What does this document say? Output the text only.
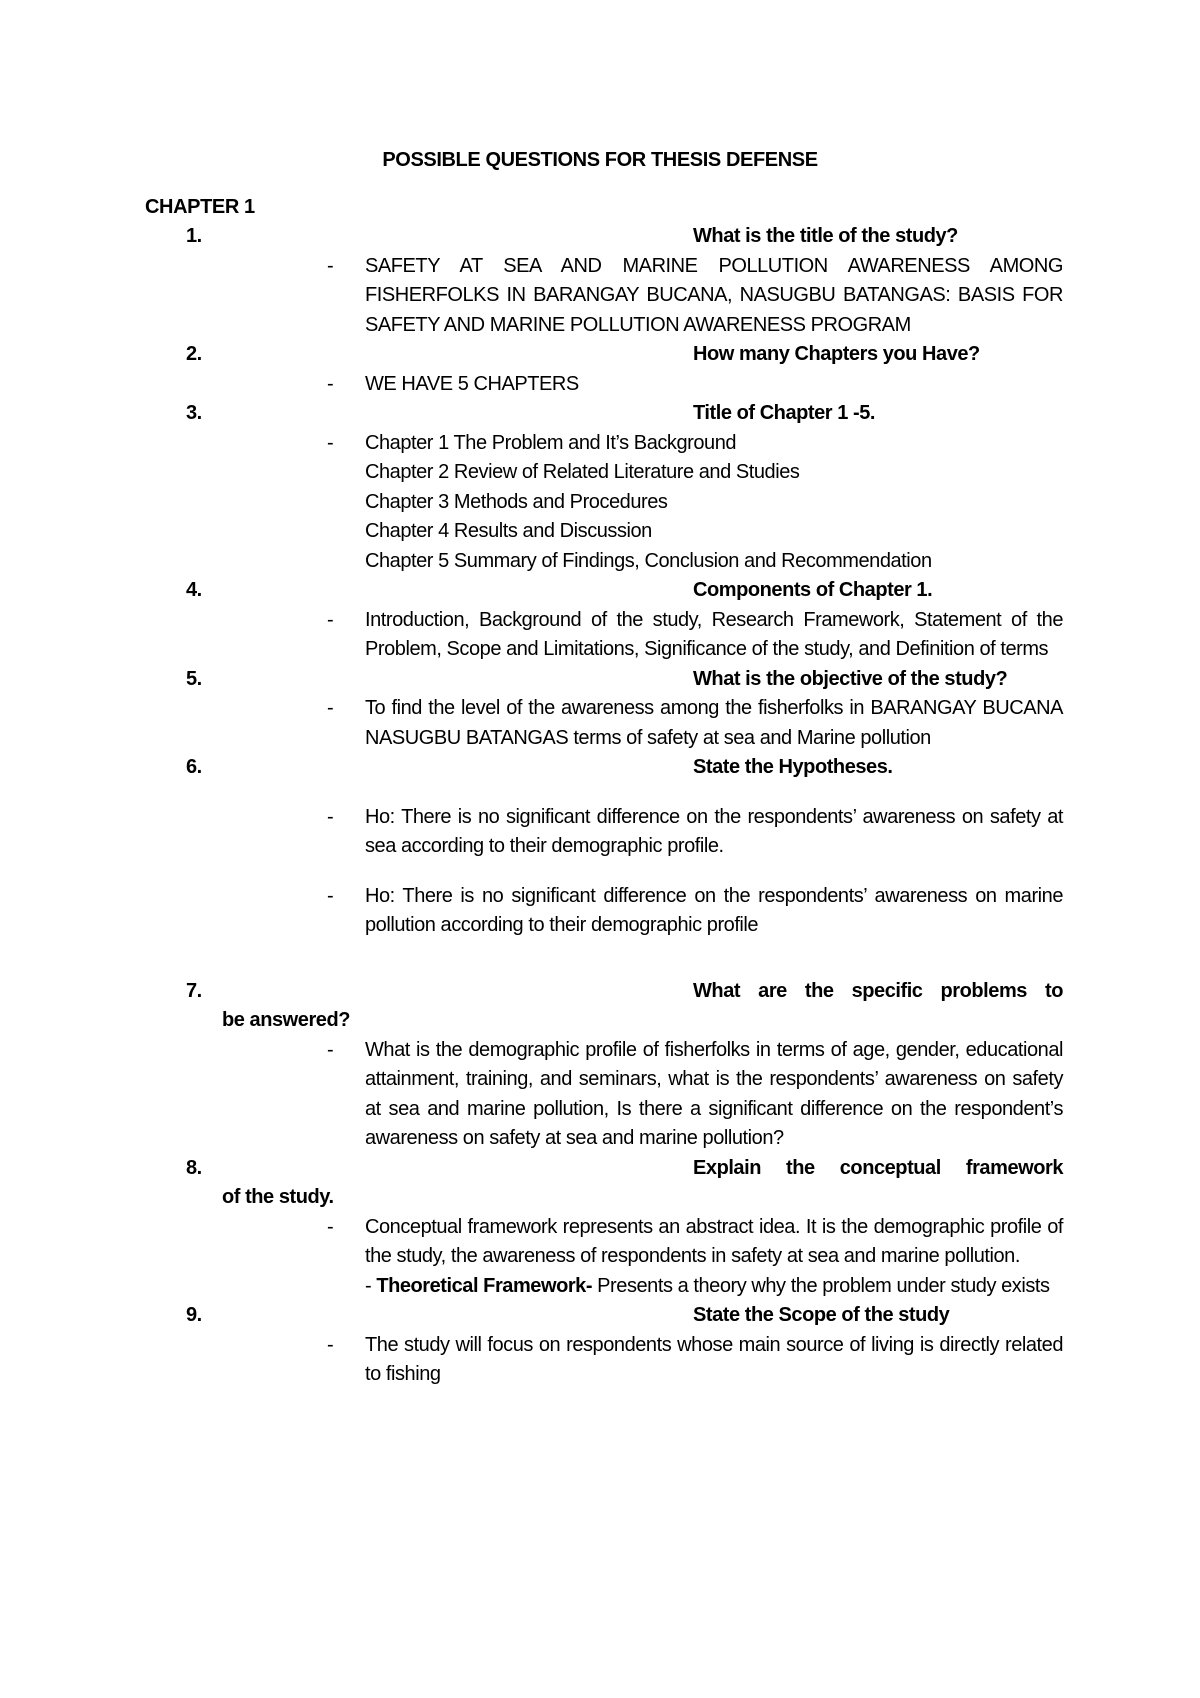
POSSIBLE QUESTIONS FOR THESIS DEFENSE
CHAPTER 1
1.	What is the title of the study?
- SAFETY AT SEA AND MARINE POLLUTION AWARENESS AMONG FISHERFOLKS IN BARANGAY BUCANA, NASUGBU BATANGAS: BASIS FOR SAFETY AND MARINE POLLUTION AWARENESS PROGRAM

2.	How many Chapters you Have?
- WE HAVE 5 CHAPTERS

3.	Title of Chapter 1 -5.
- Chapter 1 The Problem and It’s Background

Chapter 2 Review of Related Literature and Studies

Chapter 3 Methods and Procedures

Chapter 4 Results and Discussion

Chapter 5 Summary of Findings, Conclusion and Recommendation

4.	Components of Chapter 1.
- Introduction, Background of the study, Research Framework, Statement of the Problem, Scope and Limitations, Significance of the study, and Definition of terms

5.	What is the objective of the study?
- To find the level of the awareness among the fisherfolks in BARANGAY BUCANA NASUGBU BATANGAS terms of safety at sea and Marine pollution

6.	State the Hypotheses.
- Ho: There is no significant difference on the respondents’ awareness on safety at sea according to their demographic profile.

- Ho: There is no significant difference on the respondents’ awareness on marine pollution according to their demographic profile

7.	What are the specific problems to
be answered?
- What is the demographic profile of fisherfolks in terms of age, gender, educational attainment, training, and seminars, what is the respondents’ awareness on safety at sea and marine pollution, Is there a significant difference on the respondent’s awareness on safety at sea and marine pollution?

8.	Explain the conceptual framework
of the study.
- Conceptual framework represents an abstract idea. It is the demographic profile of the study, the awareness of respondents in safety at sea and marine pollution.

- Theoretical Framework- Presents a theory why the problem under study exists

9.	State the Scope of the study
- The study will focus on respondents whose main source of living is directly related to fishing
